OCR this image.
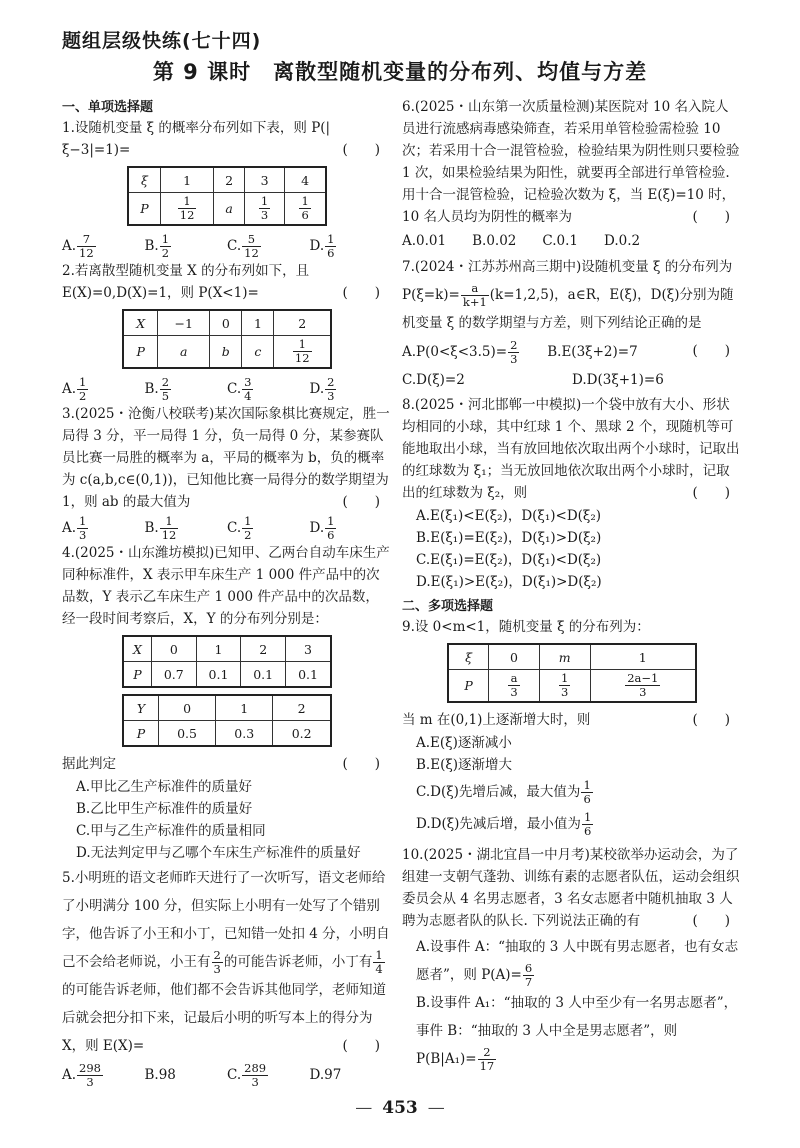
题组层级快练(七十四)
第 9 课时　离散型随机变量的分布列、均值与方差
一、单项选择题
1.设随机变量 ξ 的概率分布列如下表，则 P(|ξ−3|=1)=	(　　)
ξ	1	2	3	4
P	$\frac{1}{12}$	a	$\frac{1}{3}$	$\frac{1}{6}$
A. $\frac{7}{12}$	B. $\frac{1}{2}$	C. $\frac{5}{12}$	D. $\frac{1}{6}$
2.若离散型随机变量 X 的分布列如下，且 E(X)=0,D(X)=1，则 P(X<1)=	(　　)
X	−1	0	1	2
P	a	b	c	$\frac{1}{12}$
A. $\frac{1}{2}$	B. $\frac{2}{5}$	C. $\frac{3}{4}$	D. $\frac{2}{3}$
3.(2025・沧衡八校联考)某次国际象棋比赛规定，胜一局得 3 分，平一局得 1 分，负一局得 0 分，某参赛队员比赛一局胜的概率为 a，平局的概率为 b，负的概率为 c(a,b,c∈(0,1))，已知他比赛一局得分的数学期望为 1，则 ab 的最大值为	(　　)
A. $\frac{1}{3}$	B. $\frac{1}{12}$	C. $\frac{1}{2}$	D. $\frac{1}{6}$
4.(2025・山东潍坊模拟)已知甲、乙两台自动车床生产同种标准件，X 表示甲车床生产 1 000 件产品中的次品数，Y 表示乙车床生产 1 000 件产品中的次品数，经一段时间考察后，X，Y 的分布列分别是：
X	0	1	2	3
P	0.7	0.1	0.1	0.1
Y	0	1	2
P	0.5	0.3	0.2
据此判定	(　　)
A.甲比乙生产标准件的质量好
B.乙比甲生产标准件的质量好
C.甲与乙生产标准件的质量相同
D.无法判定甲与乙哪个车床生产标准件的质量好
5.小明班的语文老师昨天进行了一次听写，语文老师给了小明满分 100 分，但实际上小明有一处写了个错别字，他告诉了小王和小丁，已知错一处扣 4 分，小明自己不会给老师说，小王有 $\frac{2}{3}$ 的可能告诉老师，小丁有 $\frac{1}{4}$
的可能告诉老师，他们都不会告诉其他同学，老师知道后就会把分扣下来，记最后小明的听写本上的得分为 X，则 E(X)=	(　　)
A. $\frac{298}{3}$	B.98	C. $\frac{289}{3}$	D.97
6.(2025・山东第一次质量检测)某医院对 10 名入院人员进行流感病毒感染筛查，若采用单管检验需检验 10 次；若采用十合一混管检验，检验结果为阴性则只要检验 1 次，如果检验结果为阳性，就要再全部进行单管检验. 用十合一混管检验，记检验次数为 ξ，当 E(ξ)=10 时，10 名人员均为阴性的概率为	(　　)
A.0.01 B.0.02 C.0.1 D.0.2
7.(2024・江苏苏州高三期中)设随机变量 ξ 的分布列为 $P(\xi=k)= \frac{a}{k+1} (k=1,2,5)$，a∈R，E(ξ)，D(ξ)分别为随机变量 ξ 的数学期望与方差，则下列结论正确的是
(　　)
$A.P(0<\xi<3.5)= \frac{2}{3} B.E(3\xi+2)=7$
C.D(ξ)=2	D.D(3ξ+1)=6
8.(2025・河北邯郸一中模拟)一个袋中放有大小、形状均相同的小球，其中红球 1 个、黑球 2 个，现随机等可能地取出小球，当有放回地依次取出两个小球时，记取出的红球数为 ξ₁；当无放回地依次取出两个小球时，记取出的红球数为 ξ₂，则	(　　)
A.E(ξ₁)<E(ξ₂)，D(ξ₁)<D(ξ₂)
B.E(ξ₁)=E(ξ₂)，D(ξ₁)>D(ξ₂)
C.E(ξ₁)=E(ξ₂)，D(ξ₁)<D(ξ₂)
D.E(ξ₁)>E(ξ₂)，D(ξ₁)>D(ξ₂)
二、多项选择题
9.设 0<m<1，随机变量 ξ 的分布列为：
ξ	0	m	1
P	$\frac{a}{3}$	$\frac{1}{3}$	$\frac{2a-1}{3}$
当 m 在(0,1)上逐渐增大时，则	(　　)
A.E(ξ)逐渐减小
B.E(ξ)逐渐增大
C.D(ξ)先增后减，最大值为 $\frac{1}{6}$
D.D(ξ)先减后增，最小值为 $\frac{1}{6}$
10.(2025・湖北宜昌一中月考)某校欲举办运动会，为了组建一支朝气蓬勃、训练有素的志愿者队伍，运动会组织委员会从 4 名男志愿者，3 名女志愿者中随机抽取 3 人聘为志愿者队的队长. 下列说法正确的有	(　　)
A.设事件 A：“抽取的 3 人中既有男志愿者，也有女志愿者”，则 $P(A)= \frac{6}{7}$
B.设事件 A₁：“抽取的 3 人中至少有一名男志愿者”，事件 B：“抽取的 3 人中全是男志愿者”，则 $P(B|A_1)= \frac{2}{17}$
— 453 —
